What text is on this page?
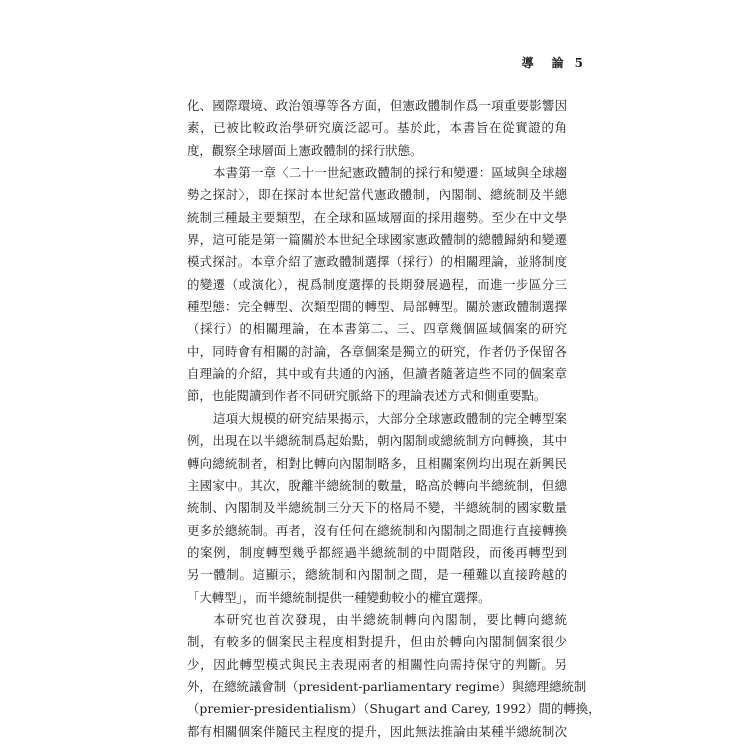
導　論 5
化、國際環境、政治領導等各方面，但憲政體制作爲一項重要影響因
素，已被比較政治學研究廣泛認可。基於此，本書旨在從實證的角
度，觀察全球層面上憲政體制的採行狀態。
本書第一章〈二十一世紀憲政體制的採行和變遷：區域與全球趨
勢之探討〉，即在探討本世紀當代憲政體制，內閣制、總統制及半總
統制三種最主要類型，在全球和區域層面的採用趨勢。至少在中文學
界，這可能是第一篇關於本世紀全球國家憲政體制的總體歸納和變遷
模式探討。本章介紹了憲政體制選擇（採行）的相關理論，並將制度
的變遷（或演化），視爲制度選擇的長期發展過程，而進一步區分三
種型態：完全轉型、次類型間的轉型、局部轉型。關於憲政體制選擇
（採行）的相關理論，在本書第二、三、四章幾個區域個案的研究
中，同時會有相關的討論，各章個案是獨立的研究，作者仍予保留各
自理論的介紹，其中或有共通的內涵，但讀者隨著這些不同的個案章
節，也能閱讀到作者不同研究脈絡下的理論表述方式和側重要點。
這項大規模的研究結果揭示，大部分全球憲政體制的完全轉型案
例，出現在以半總統制爲起始點，朝內閣制或總統制方向轉換，其中
轉向總統制者，相對比轉向內閣制略多，且相關案例均出現在新興民
主國家中。其次，脫離半總統制的數量，略高於轉向半總統制，但總
統制、內閣制及半總統制三分天下的格局不變，半總統制的國家數量
更多於總統制。再者，沒有任何在總統制和內閣制之間進行直接轉換
的案例，制度轉型幾乎都經過半總統制的中間階段，而後再轉型到
另一體制。這顯示，總統制和內閣制之間，是一種難以直接跨越的
「大轉型」，而半總統制提供一種變動較小的權宜選擇。
本研究也首次發現，由半總統制轉向內閣制，要比轉向總統
制，有較多的個案民主程度相對提升，但由於轉向內閣制個案很少
少，因此轉型模式與民主表現兩者的相關性向需持保守的判斷。另
外，在總統議會制（president-parliamentary regime）與總理總統制
（premier-presidentialism）（Shugart and Carey, 1992）間的轉換，
都有相關個案伴隨民主程度的提升，因此無法推論由某種半總統制次
